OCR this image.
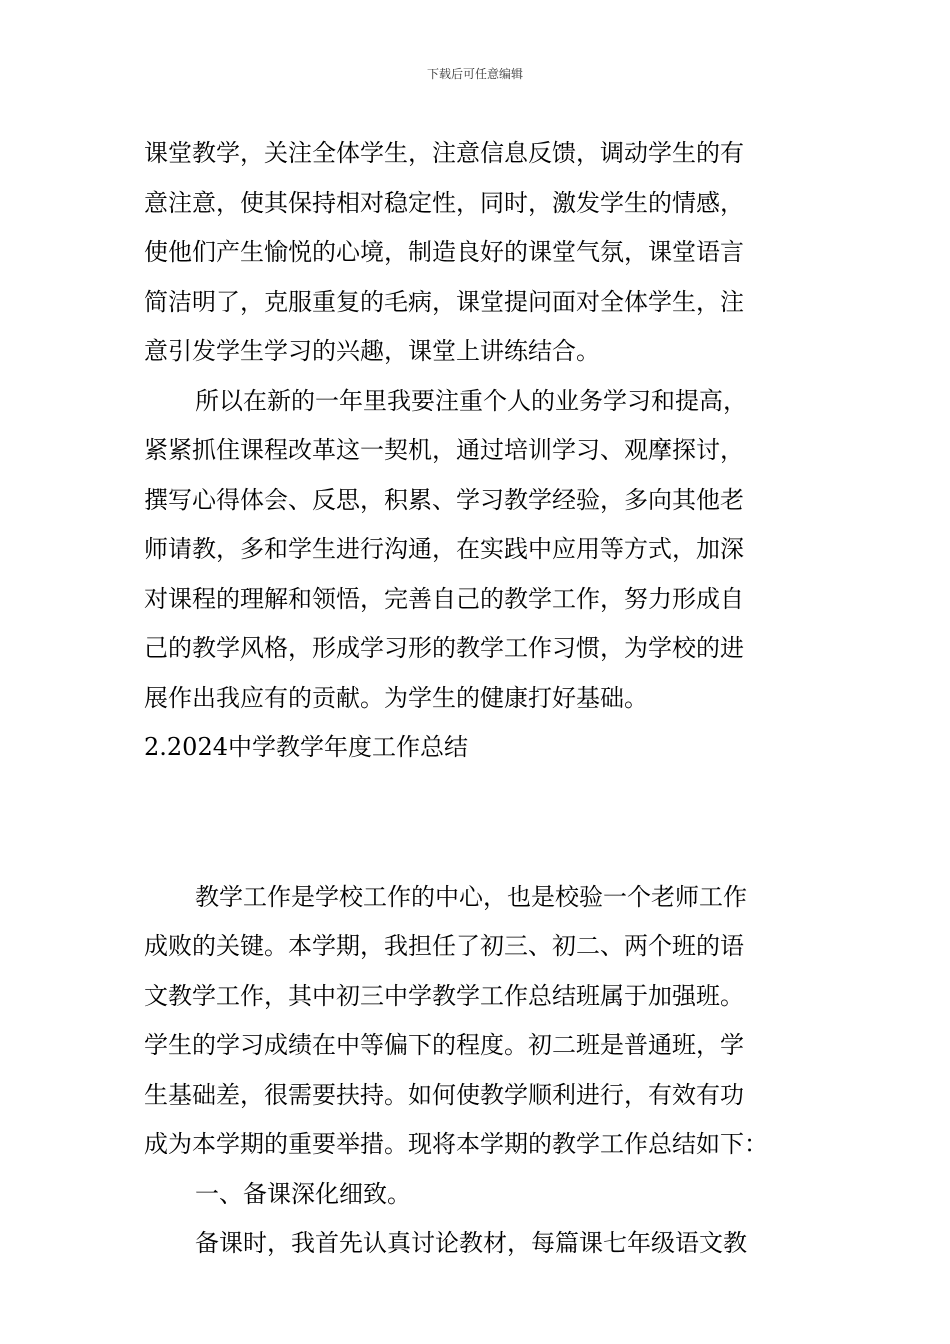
下载后可任意编辑

课堂教学，关注全体学生，注意信息反馈，调动学生的有

意注意，使其保持相对稳定性，同时，激发学生的情感，

使他们产生愉悦的心境，制造良好的课堂气氛，课堂语言

简洁明了，克服重复的毛病，课堂提问面对全体学生，注

意引发学生学习的兴趣，课堂上讲练结合。

所以在新的一年里我要注重个人的业务学习和提高，

紧紧抓住课程改革这一契机，通过培训学习、观摩探讨，

撰写心得体会、反思，积累、学习教学经验，多向其他老

师请教，多和学生进行沟通，在实践中应用等方式，加深

对课程的理解和领悟，完善自己的教学工作，努力形成自

己的教学风格，形成学习形的教学工作习惯，为学校的进

展作出我应有的贡献。为学生的健康打好基础。

2.2024中学教学年度工作总结

教学工作是学校工作的中心，也是校验一个老师工作

成败的关键。本学期，我担任了初三、初二、两个班的语

文教学工作，其中初三中学教学工作总结班属于加强班。

学生的学习成绩在中等偏下的程度。初二班是普通班，学

生基础差，很需要扶持。如何使教学顺利进行，有效有功

成为本学期的重要举措。现将本学期的教学工作总结如下：

一、备课深化细致。

备课时，我首先认真讨论教材，每篇课七年级语文教
